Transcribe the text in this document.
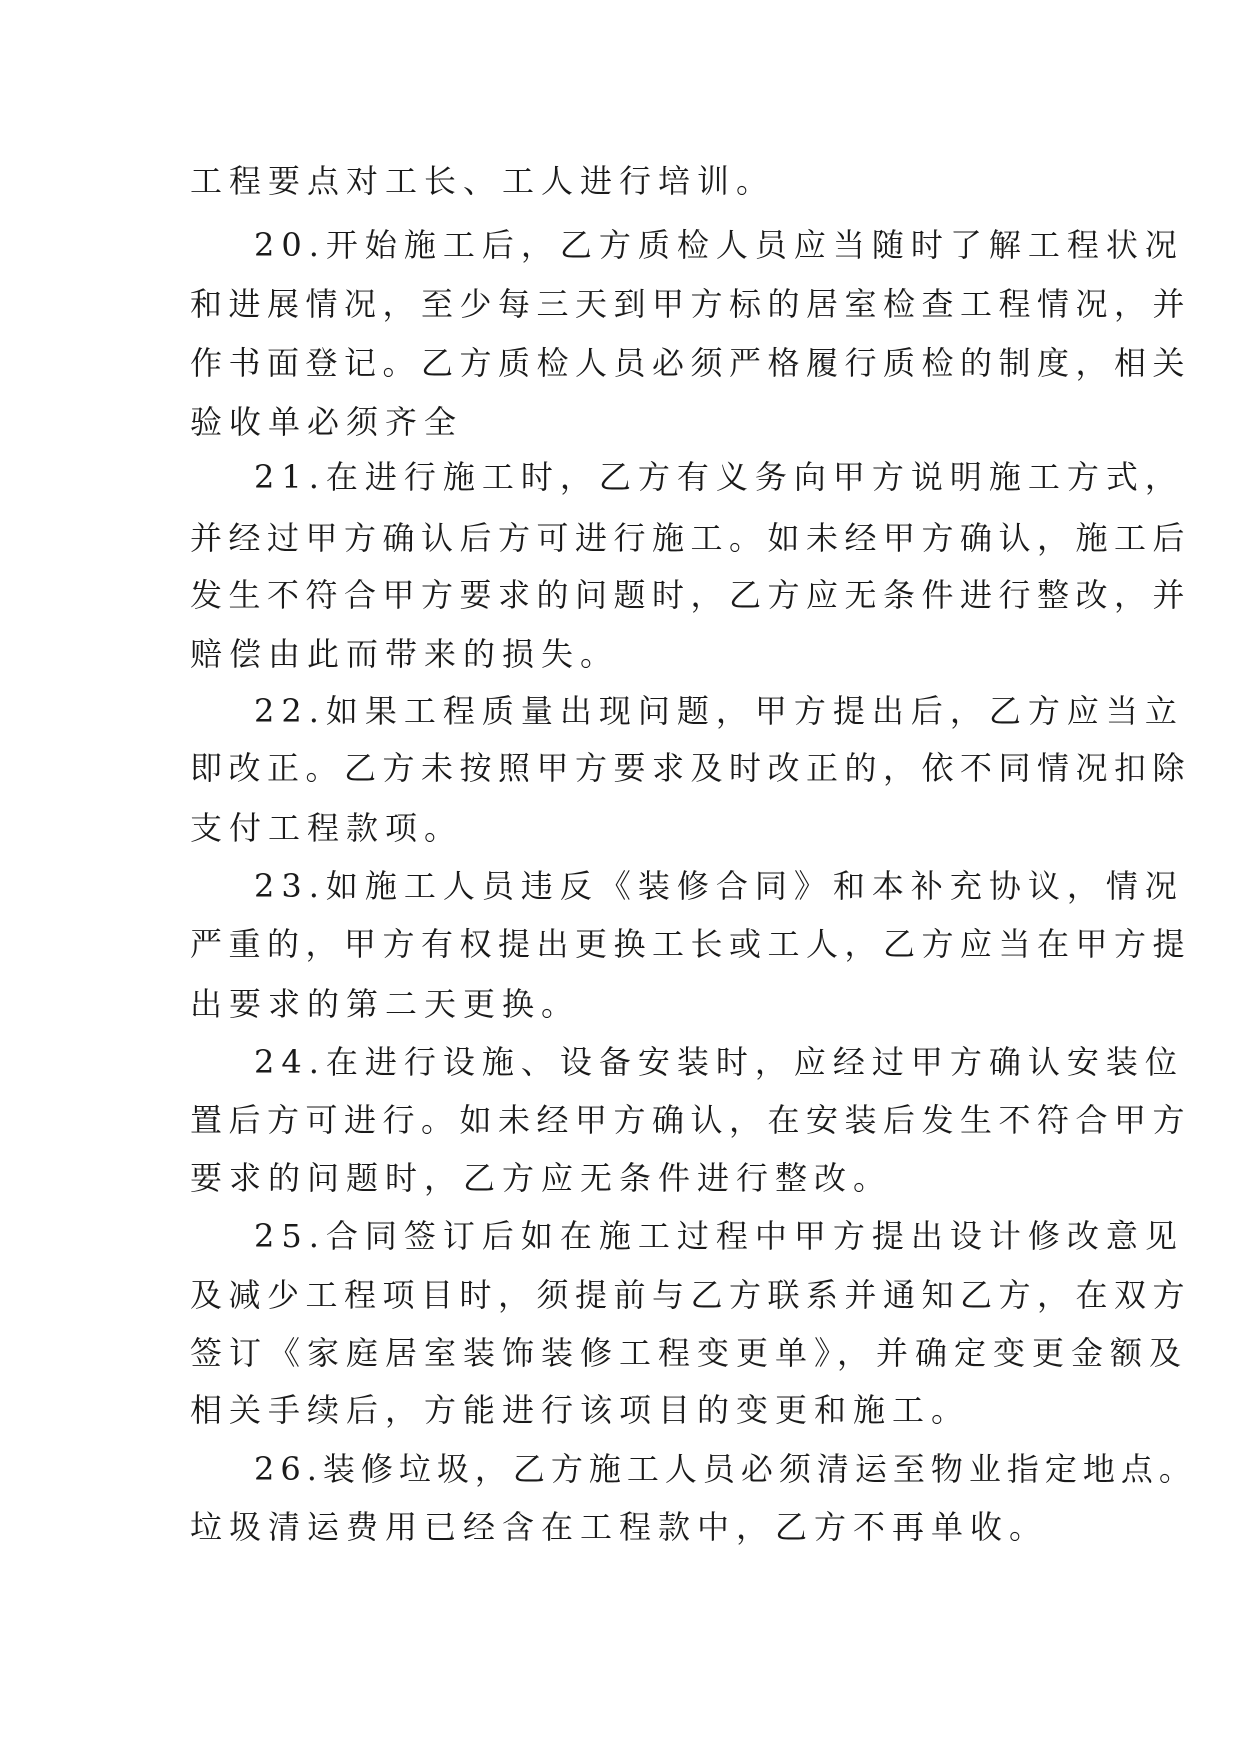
工程要点对工长、工人进行培训。
20.开始施工后，乙方质检人员应当随时了解工程状况
和进展情况，至少每三天到甲方标的居室检查工程情况，并
作书面登记。乙方质检人员必须严格履行质检的制度，相关
验收单必须齐全
21.在进行施工时，乙方有义务向甲方说明施工方式，
并经过甲方确认后方可进行施工。如未经甲方确认，施工后
发生不符合甲方要求的问题时，乙方应无条件进行整改，并
赔偿由此而带来的损失。
22.如果工程质量出现问题，甲方提出后，乙方应当立
即改正。乙方未按照甲方要求及时改正的，依不同情况扣除
支付工程款项。
23.如施工人员违反《装修合同》和本补充协议，情况
严重的，甲方有权提出更换工长或工人，乙方应当在甲方提
出要求的第二天更换。
24.在进行设施、设备安装时，应经过甲方确认安装位
置后方可进行。如未经甲方确认，在安装后发生不符合甲方
要求的问题时，乙方应无条件进行整改。
25.合同签订后如在施工过程中甲方提出设计修改意见
及减少工程项目时，须提前与乙方联系并通知乙方，在双方
签订《家庭居室装饰装修工程变更单》，并确定变更金额及
相关手续后，方能进行该项目的变更和施工。
26.装修垃圾，乙方施工人员必须清运至物业指定地点。
垃圾清运费用已经含在工程款中，乙方不再单收。
